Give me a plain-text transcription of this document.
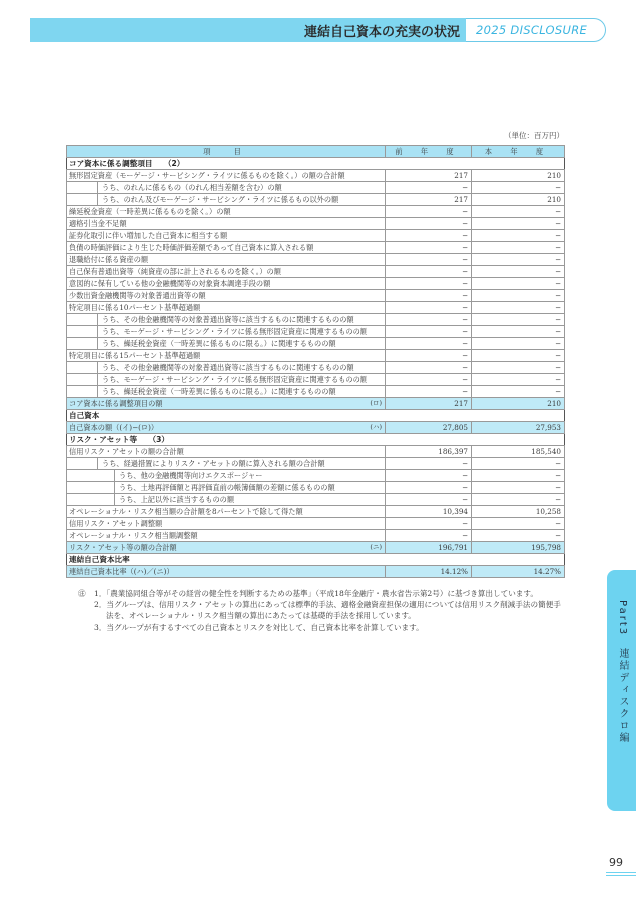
連結自己資本の充実の状況 2025 DISCLOSURE
（単位：百万円）
項　目	前 年 度	本 年 度
コア資本に係る調整項目　　（2）		

無形固定資産（モーゲージ・サービシング・ライツに係るものを除く。）の額の合計額	217	210

うち、のれんに係るもの（のれん相当差額を含む）の額	−	−

うち、のれん及びモーゲージ・サービシング・ライツに係るもの以外の額	217	210

繰延税金資産（一時差異に係るものを除く。）の額	−	−

適格引当金不足額	−	−

証券化取引に伴い増加した自己資本に相当する額	−	−

負債の時価評価により生じた時価評価差額であって自己資本に算入される額	−	−

退職給付に係る資産の額	−	−

自己保有普通出資等（純資産の部に計上されるものを除く。）の額	−	−

意図的に保有している他の金融機関等の対象資本調達手段の額	−	−

少数出資金融機関等の対象普通出資等の額	−	−

特定項目に係る10パーセント基準超過額	−	−

うち、その他金融機関等の対象普通出資等に該当するものに関連するものの額	−	−

うち、モーゲージ・サービシング・ライツに係る無形固定資産に関連するものの額	−	−

うち、繰延税金資産（一時差異に係るものに限る。）に関連するものの額	−	−

特定項目に係る15パーセント基準超過額	−	−

うち、その他金融機関等の対象普通出資等に該当するものに関連するものの額	−	−

うち、モーゲージ・サービシング・ライツに係る無形固定資産に関連するものの額	−	−

うち、繰延税金資産（一時差異に係るものに限る。）に関連するものの額	−	−

コア資本に係る調整項目の額 (ロ)	217	210
自己資本		

自己資本の額（(イ)−(ロ)） (ハ)	27,805	27,953
リスク・アセット等　　（3）		

信用リスク・アセットの額の合計額	186,397	185,540

うち、経過措置によりリスク・アセットの額に算入される額の合計額	−	−

うち、他の金融機関等向けエクスポージャー	−	−

うち、土地再評価額と再評価直前の帳簿価額の差額に係るものの額	−	−

うち、上記以外に該当するものの額	−	−

オペレーショナル・リスク相当額の合計額を8パーセントで除して得た額	10,394	10,258

信用リスク・アセット調整額	−	−

オペレーショナル・リスク相当額調整額	−	−

リスク・アセット等の額の合計額 (ニ)	196,791	195,798
連結自己資本比率		

連結自己資本比率（(ハ)／(ニ)）	14.12%	14.27%
㊟	1．「農業協同組合等がその経営の健全性を判断するための基準」（平成18年金融庁・農水省告示第2号）に基づき算出しています。

2．当グループは、信用リスク・アセットの算出にあっては標準的手法、適格金融資産担保の適用については信用リスク削減手法の簡便手法を、オペレーショナル・リスク相当額の算出にあたっては基礎的手法を採用しています。

3．当グループが有するすべての自己資本とリスクを対比して、自己資本比率を計算しています。	Part3　連結ディスクロ編
99
